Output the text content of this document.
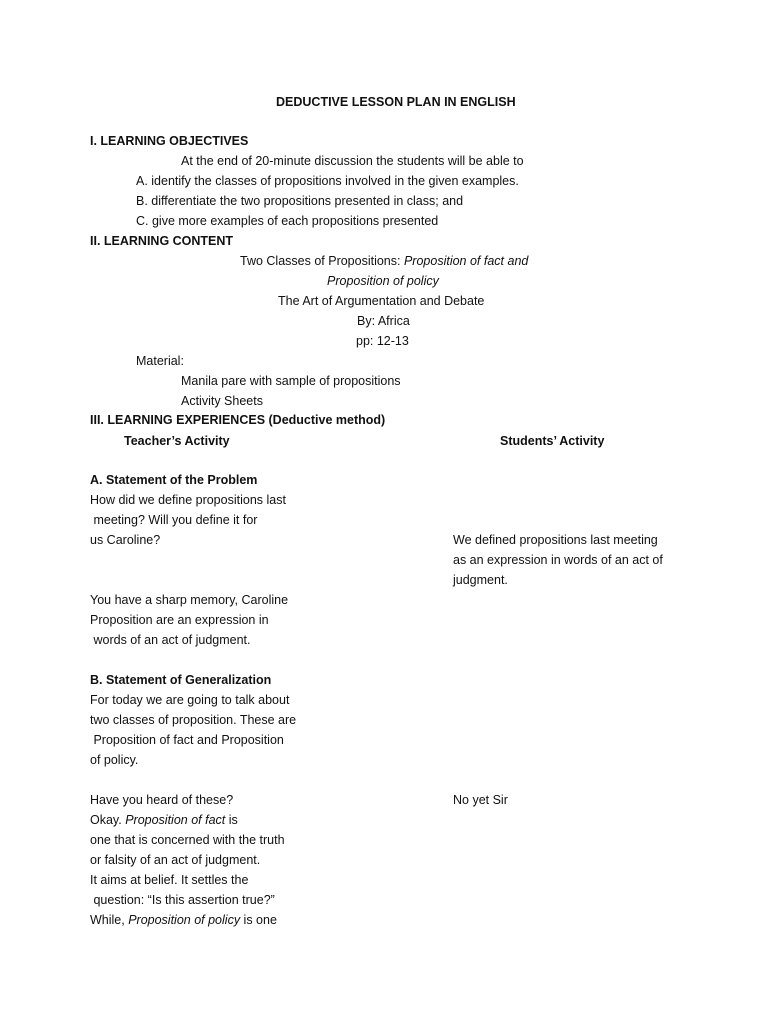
DEDUCTIVE LESSON PLAN IN ENGLISH
I. LEARNING OBJECTIVES
At the end of 20-minute discussion the students will be able to
A. identify the classes of propositions involved in the given examples.
B. differentiate the two propositions presented in class; and
C. give more examples of each propositions presented
II. LEARNING CONTENT
Two Classes of Propositions: Proposition of fact and
Proposition of policy
The Art of Argumentation and Debate
By: Africa
pp: 12-13
Material:
Manila pare with sample of propositions
Activity Sheets
III. LEARNING EXPERIENCES (Deductive method)
Teacher’s Activity	Students’ Activity
A. Statement of the Problem
How did we define propositions last
meeting? Will you define it for
us Caroline?	We defined propositions last meeting
as an expression in words of an act of
judgment.
You have a sharp memory, Caroline
Proposition are an expression in
words of an act of judgment.
B. Statement of Generalization
For today we are going to talk about
two classes of proposition. These are
Proposition of fact and Proposition
of policy.
Have you heard of these?	No yet Sir
Okay. Proposition of fact is
one that is concerned with the truth
or falsity of an act of judgment.
It aims at belief. It settles the
question: “Is this assertion true?”
While, Proposition of policy is one
